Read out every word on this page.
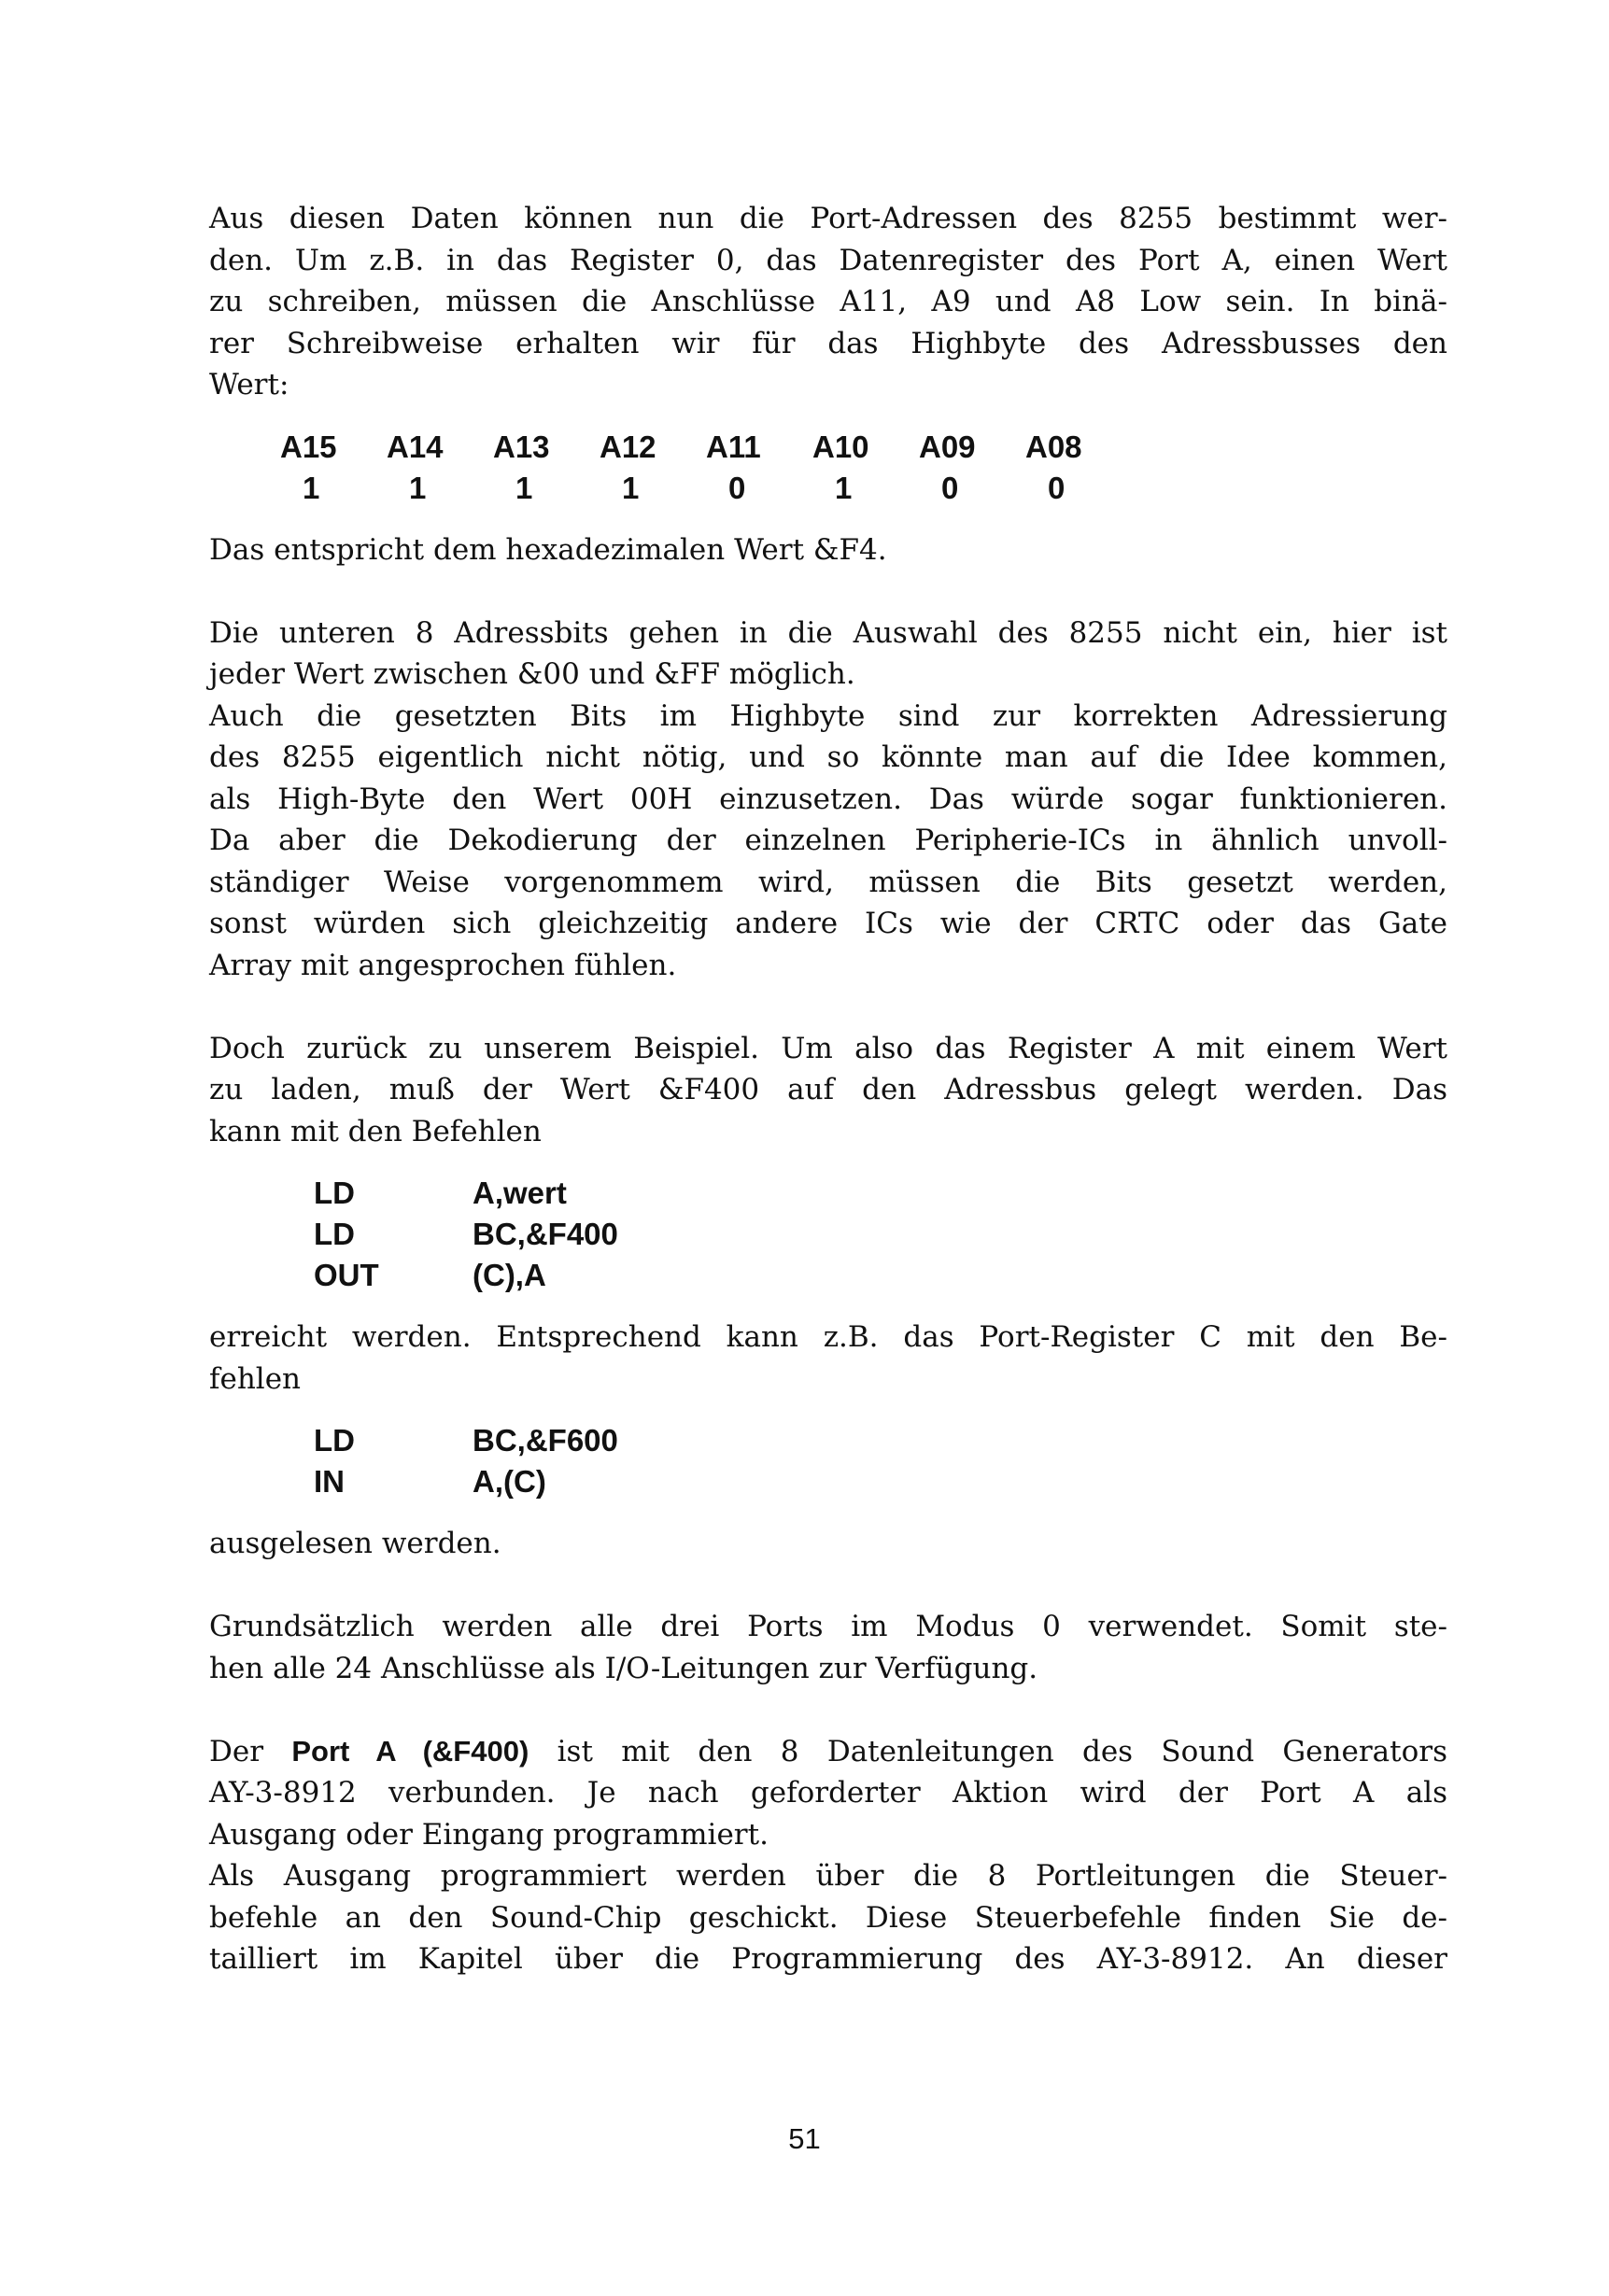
Aus diesen Daten können nun die Port-Adressen des 8255 bestimmt wer-
den. Um z.B. in das Register 0, das Datenregister des Port A, einen Wert
zu schreiben, müssen die Anschlüsse A11, A9 und A8 Low sein. In binä-
rer Schreibweise erhalten wir für das Highbyte des Adressbusses den
Wert:

A15	A14	A13	A12	A11	A10	A09	A08
1	1	1	1	0	1	0	0

Das entspricht dem hexadezimalen Wert &F4.

Die unteren 8 Adressbits gehen in die Auswahl des 8255 nicht ein, hier ist
jeder Wert zwischen &00 und &FF möglich.

Auch die gesetzten Bits im Highbyte sind zur korrekten Adressierung
des 8255 eigentlich nicht nötig, und so könnte man auf die Idee kommen,
als High-Byte den Wert 00H einzusetzen. Das würde sogar funktionieren.
Da aber die Dekodierung der einzelnen Peripherie-ICs in ähnlich unvoll-
ständiger Weise vorgenommem wird, müssen die Bits gesetzt werden,
sonst würden sich gleichzeitig andere ICs wie der CRTC oder das Gate
Array mit angesprochen fühlen.

Doch zurück zu unserem Beispiel. Um also das Register A mit einem Wert
zu laden, muß der Wert &F400 auf den Adressbus gelegt werden. Das
kann mit den Befehlen

LD	A,wert
LD	BC,&F400
OUT	(C),A

erreicht werden. Entsprechend kann z.B. das Port-Register C mit den Be-
fehlen

LD	BC,&F600
IN	A,(C)

ausgelesen werden.

Grundsätzlich werden alle drei Ports im Modus 0 verwendet. Somit ste-
hen alle 24 Anschlüsse als I/O-Leitungen zur Verfügung.

Der Port A (&F400) ist mit den 8 Datenleitungen des Sound Generators
AY-3-8912 verbunden. Je nach geforderter Aktion wird der Port A als
Ausgang oder Eingang programmiert.

Als Ausgang programmiert werden über die 8 Portleitungen die Steuer-
befehle an den Sound-Chip geschickt. Diese Steuerbefehle finden Sie de-
tailliert im Kapitel über die Programmierung des AY-3-8912. An dieser

51
